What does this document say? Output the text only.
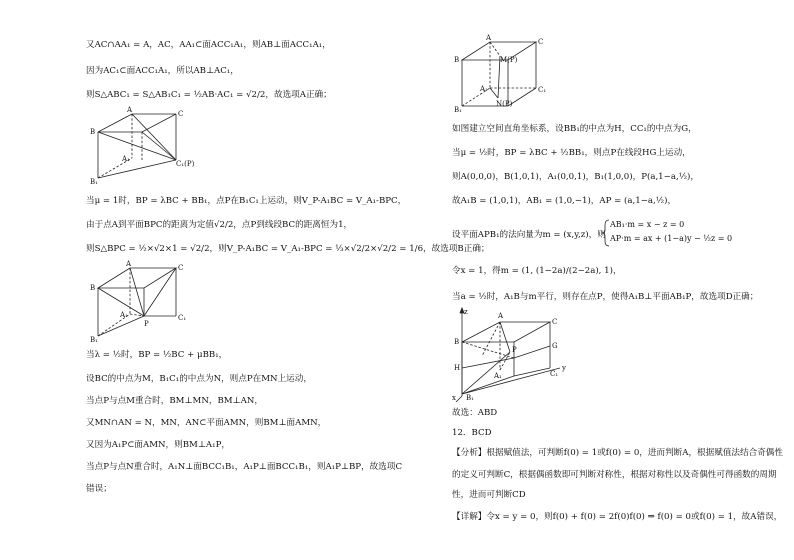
又AC∩AA₁ = A，AC，AA₁⊂面ACC₁A₁，则AB⊥面ACC₁A₁，
因为AC₁⊂面ACC₁A₁，所以AB⊥AC₁，
则S△ABC₁ = S△AB₁C₁ = ½AB·AC₁ = √2/2，故选项A正确；
B
C
A
A₁
B₁
C₁(P)
当μ = 1时，BP = λBC + BB₁，点P在B₁C₁上运动，则V_P-A₁BC = V_A₁-BPC，
由于点A到平面BPC的距离为定值√2/2，点P到线段BC的距离恒为1，
则S△BPC = ½×√2×1 = √2/2，则V_P-A₁BC = V_A₁-BPC = ⅓×√2/2×√2/2 = 1/6，故选项B正确；
B
C
A
A₁
P
B₁
C₁
当λ = ½时，BP = ½BC + μBB₁，
设BC的中点为M，B₁C₁的中点为N，则点P在MN上运动，
当点P与点M重合时，BM⊥MN，BM⊥AN，
又MN∩AN = N，MN，AN⊂平面AMN，则BM⊥面AMN，
又因为A₁P⊂面AMN，则BM⊥A₁P，
当点P与点N重合时，A₁N⊥面BCC₁B₁，A₁P⊥面BCC₁B₁，则A₁P⊥BP，故选项C
错误；
B
C
A
M(P)
A₁
B₁
N(P)
C₁
如图建立空间直角坐标系，设BB₁的中点为H，CC₁的中点为G，
当μ = ½时，BP = λBC + ½BB₁，则点P在线段HG上运动，
则A(0,0,0)，B(1,0,1)，A₁(0,0,1)，B₁(1,0,0)，P(a,1−a,½)，
故A₁B = (1,0,1)，AB₁ = (1,0,−1)，AP = (a,1−a,½)，
设平面APB₁的法向量为m = (x,y,z)，则
AB₁·m = x − z = 0
AP·m = ax + (1−a)y − ½z = 0
令x = 1，得m = (1, (1−2a)/(2−2a), 1)，
当a = ½时，A₁B与m平行，则存在点P，使得A₁B⊥平面AB₁P，故选项D正确；
z
B
A
C
P	G
H
A₁	C₁
y
B₁
x
故选：ABD
12．BCD
【分析】根据赋值法，可判断f(0) = 1或f(0) = 0，进而判断A，根据赋值法结合奇偶性
的定义可判断C，根据偶函数即可判断对称性，根据对称性以及奇偶性可得函数的周期
性，进而可判断CD
【详解】令x = y = 0，则f(0) + f(0) = 2f(0)f(0) ⇒ f(0) = 0或f(0) = 1，故A错误，
